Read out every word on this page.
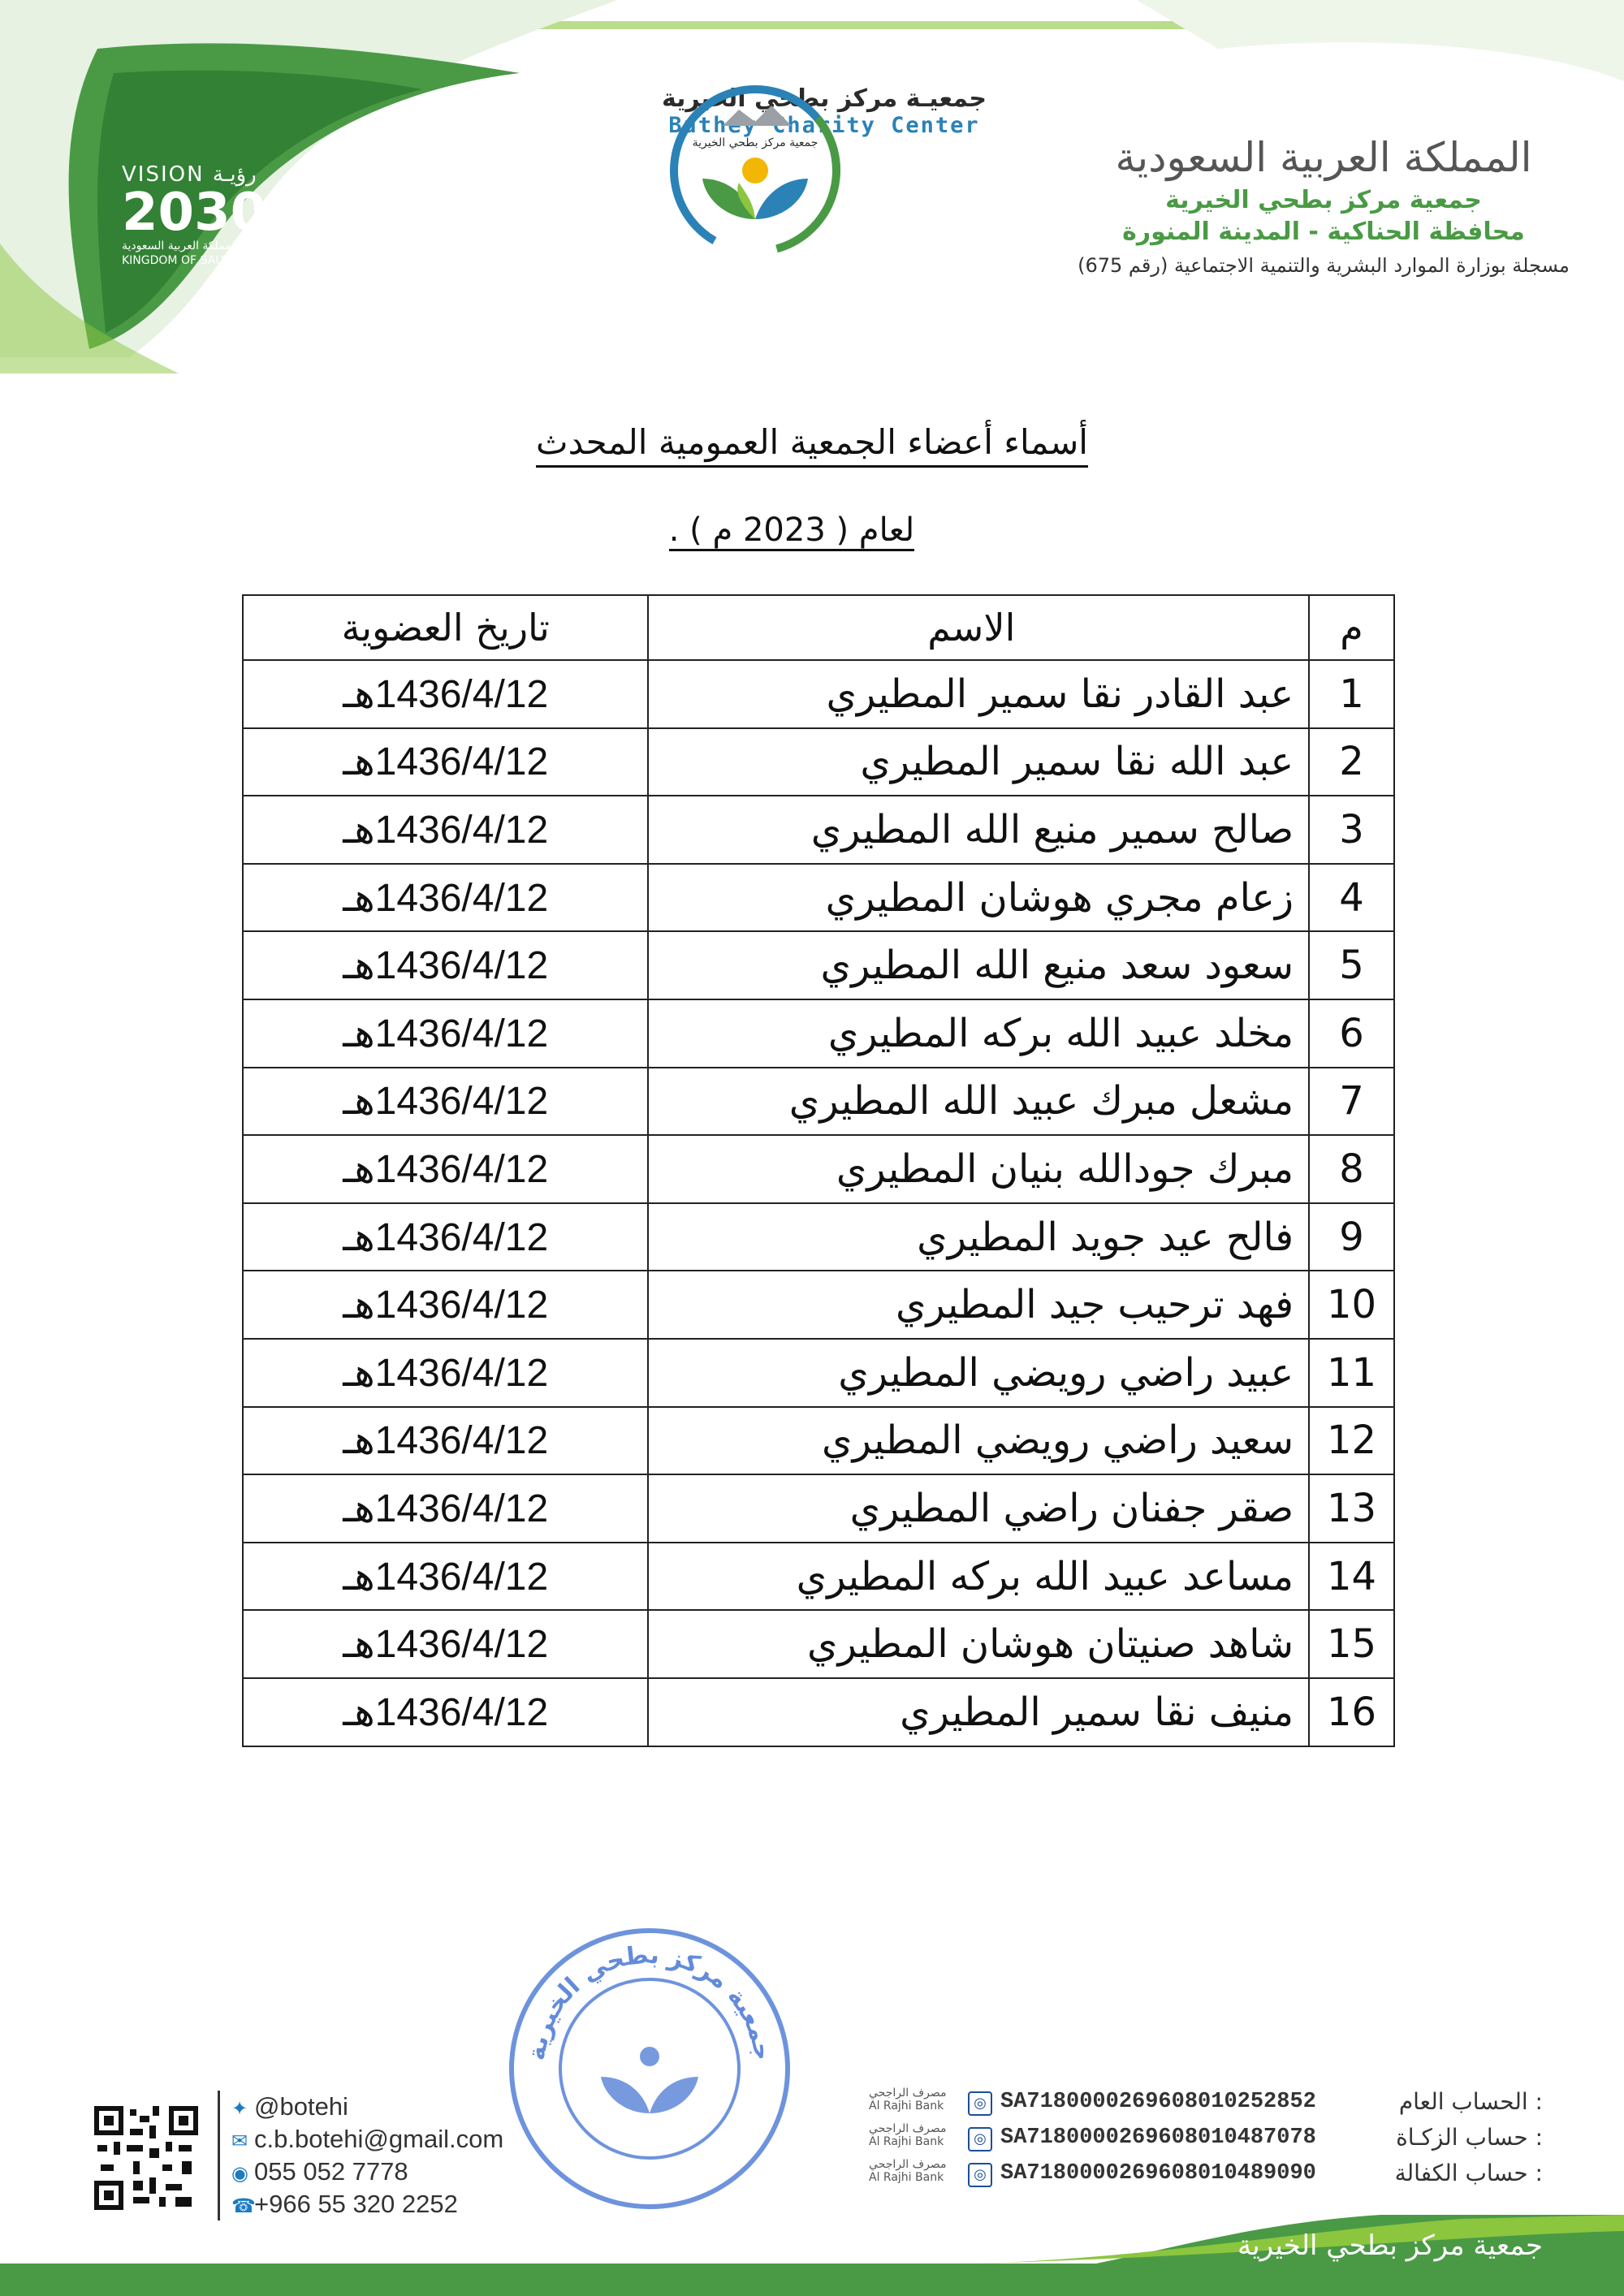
VISION رؤيـة
2030
المملكة العربية السعودية
KINGDOM OF SAUDI ARABIA
جمعية مركز بطحي الخيرية
جمعيـة مركز بطحي الخيرية
Buthey Charity Center
المملكة العربية السعودية
جمعية مركز بطحي الخيرية
محافظة الحناكية - المدينة المنورة
مسجلة بوزارة الموارد البشرية والتنمية الاجتماعية (رقم 675)
أسماء أعضاء الجمعية العمومية المحدث
لعام ( 2023 م ) .
م	الاسم	تاريخ العضوية
1	عبد القادر نقا سمير المطيري	1436/4/12هـ
2	عبد الله نقا سمير المطيري	1436/4/12هـ
3	صالح سمير منيع الله المطيري	1436/4/12هـ
4	زعام مجري هوشان المطيري	1436/4/12هـ
5	سعود سعد منيع الله المطيري	1436/4/12هـ
6	مخلد عبيد الله بركه المطيري	1436/4/12هـ
7	مشعل مبرك عبيد الله المطيري	1436/4/12هـ
8	مبرك جودالله بنيان المطيري	1436/4/12هـ
9	فالح عيد جويد المطيري	1436/4/12هـ
10	فهد ترحيب جيد المطيري	1436/4/12هـ
11	عبيد راضي رويضي المطيري	1436/4/12هـ
12	سعيد راضي رويضي المطيري	1436/4/12هـ
13	صقر جفنان راضي المطيري	1436/4/12هـ
14	مساعد عبيد الله بركه المطيري	1436/4/12هـ
15	شاهد صنيتان هوشان المطيري	1436/4/12هـ
16	منيف نقا سمير المطيري	1436/4/12هـ
✦ @botehi
✉ c.b.botehi@gmail.com
◉ 055 052 7778
☎+966 55 320 2252
جمعية مركز بطحي الخيرية
مصرف الراجحي
Al Rajhi Bank	◎ SA7180000269608010252852	: الحساب العام
مصرف الراجحي
Al Rajhi Bank	◎ SA7180000269608010487078	: حساب الزكـاة
مصرف الراجحي
Al Rajhi Bank	◎ SA7180000269608010489090	: حساب الكفالة
جمعية مركز بطحي الخيرية
